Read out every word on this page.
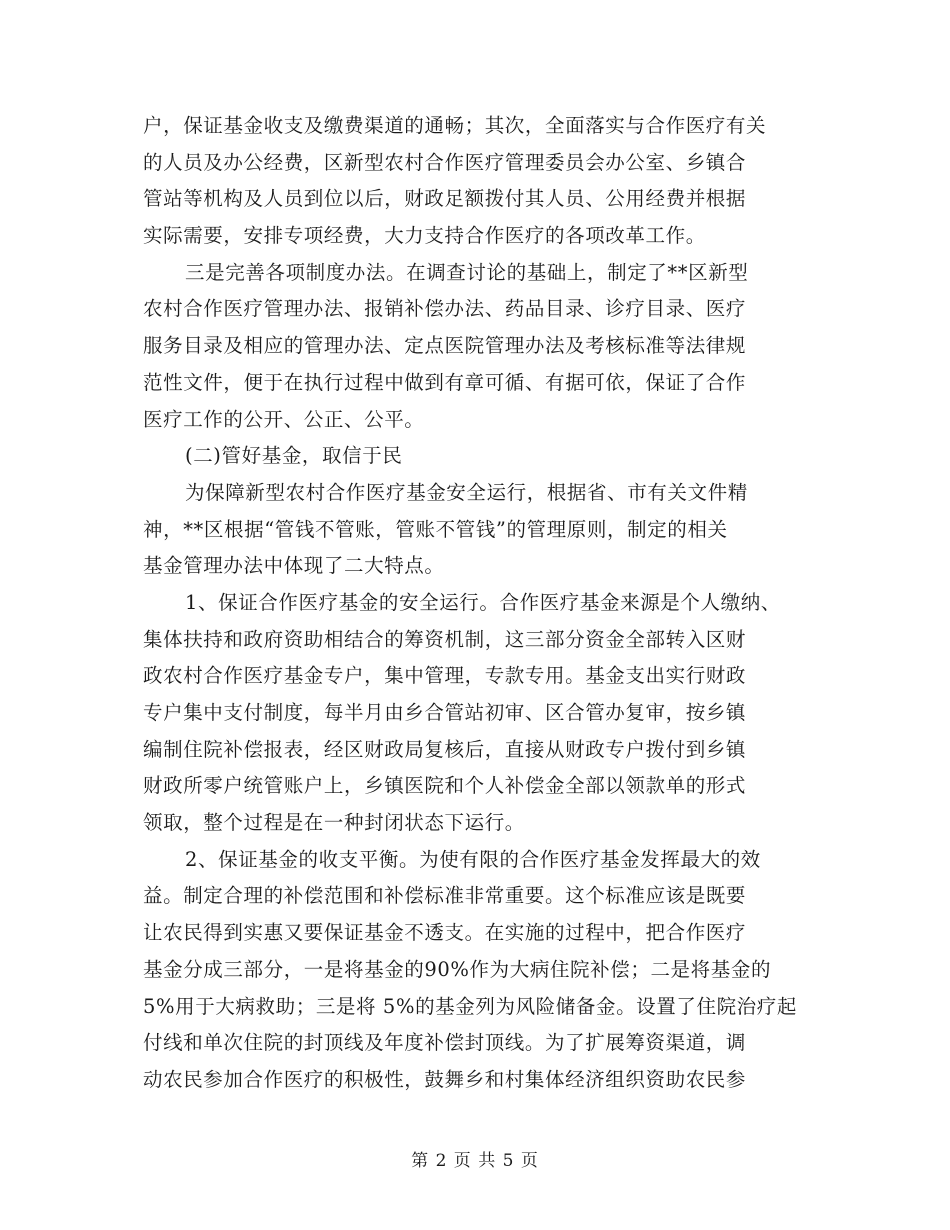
户，保证基金收支及缴费渠道的通畅；其次，全面落实与合作医疗有关
的人员及办公经费，区新型农村合作医疗管理委员会办公室、乡镇合
管站等机构及人员到位以后，财政足额拨付其人员、公用经费并根据
实际需要，安排专项经费，大力支持合作医疗的各项改革工作。
三是完善各项制度办法。在调查讨论的基础上，制定了**区新型
农村合作医疗管理办法、报销补偿办法、药品目录、诊疗目录、医疗
服务目录及相应的管理办法、定点医院管理办法及考核标准等法律规
范性文件，便于在执行过程中做到有章可循、有据可依，保证了合作
医疗工作的公开、公正、公平。
(二)管好基金，取信于民
为保障新型农村合作医疗基金安全运行，根据省、市有关文件精
神，**区根据“管钱不管账，管账不管钱”的管理原则，制定的相关
基金管理办法中体现了二大特点。
1、保证合作医疗基金的安全运行。合作医疗基金来源是个人缴纳、
集体扶持和政府资助相结合的筹资机制，这三部分资金全部转入区财
政农村合作医疗基金专户，集中管理，专款专用。基金支出实行财政
专户集中支付制度，每半月由乡合管站初审、区合管办复审，按乡镇
编制住院补偿报表，经区财政局复核后，直接从财政专户拨付到乡镇
财政所零户统管账户上，乡镇医院和个人补偿金全部以领款单的形式
领取，整个过程是在一种封闭状态下运行。
2、保证基金的收支平衡。为使有限的合作医疗基金发挥最大的效
益。制定合理的补偿范围和补偿标准非常重要。这个标准应该是既要
让农民得到实惠又要保证基金不透支。在实施的过程中，把合作医疗
基金分成三部分，一是将基金的90%作为大病住院补偿；二是将基金的
5%用于大病救助；三是将 5%的基金列为风险储备金。设置了住院治疗起
付线和单次住院的封顶线及年度补偿封顶线。为了扩展筹资渠道，调
动农民参加合作医疗的积极性，鼓舞乡和村集体经济组织资助农民参
第 2 页 共 5 页
